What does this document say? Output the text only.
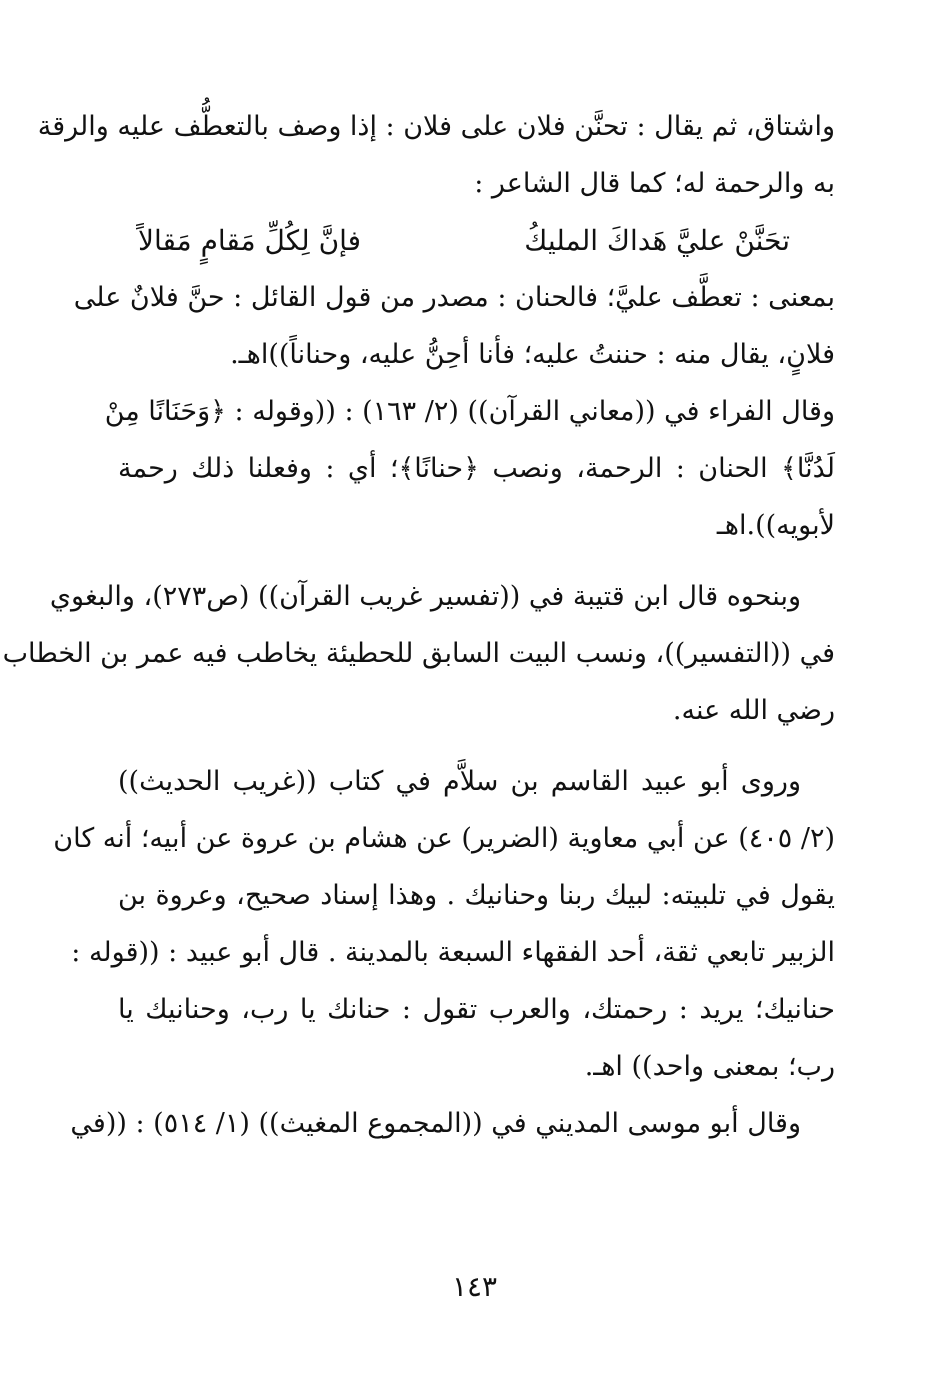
واشتاق، ثم يقال : تحنَّن فلان على فلان : إذا وصف بالتعطُّف عليه والرقة
به والرحمة له؛ كما قال الشاعر :
تحَنَّنْ عليَّ هَداكَ المليكُ
فإنَّ لِكُلِّ مَقامٍ مَقالاً
بمعنى : تعطَّف عليَّ؛ فالحنان : مصدر من قول القائل : حنَّ فلانٌ على
فلانٍ، يقال منه : حننتُ عليه؛ فأنا أحِنُّ عليه، وحناناً))اهـ.
وقال الفراء في ((معاني القرآن)) (٢/ ١٦٣) : ((وقوله : ﴿وَحَنَانًا مِنْ
لَدُنَّا﴾ الحنان : الرحمة، ونصب ﴿حنانًا﴾؛ أي : وفعلنا ذلك رحمة
لأبويه)).اهـ
وبنحوه قال ابن قتيبة في ((تفسير غريب القرآن)) (ص٢٧٣)، والبغوي
في ((التفسير))، ونسب البيت السابق للحطيئة يخاطب فيه عمر بن الخطاب
رضي الله عنه.
وروى أبو عبيد القاسم بن سلاَّم في كتاب ((غريب الحديث))
(٢/ ٤٠٥) عن أبي معاوية (الضرير) عن هشام بن عروة عن أبيه؛ أنه كان
يقول في تلبيته: لبيك ربنا وحنانيك . وهذا إسناد صحيح، وعروة بن
الزبير تابعي ثقة، أحد الفقهاء السبعة بالمدينة . قال أبو عبيد : ((قوله :
حنانيك؛ يريد : رحمتك، والعرب تقول : حنانك يا رب، وحنانيك يا
رب؛ بمعنى واحد)) اهـ.
وقال أبو موسى المديني في ((المجموع المغيث)) (١/ ٥١٤) : ((في
١٤٣
